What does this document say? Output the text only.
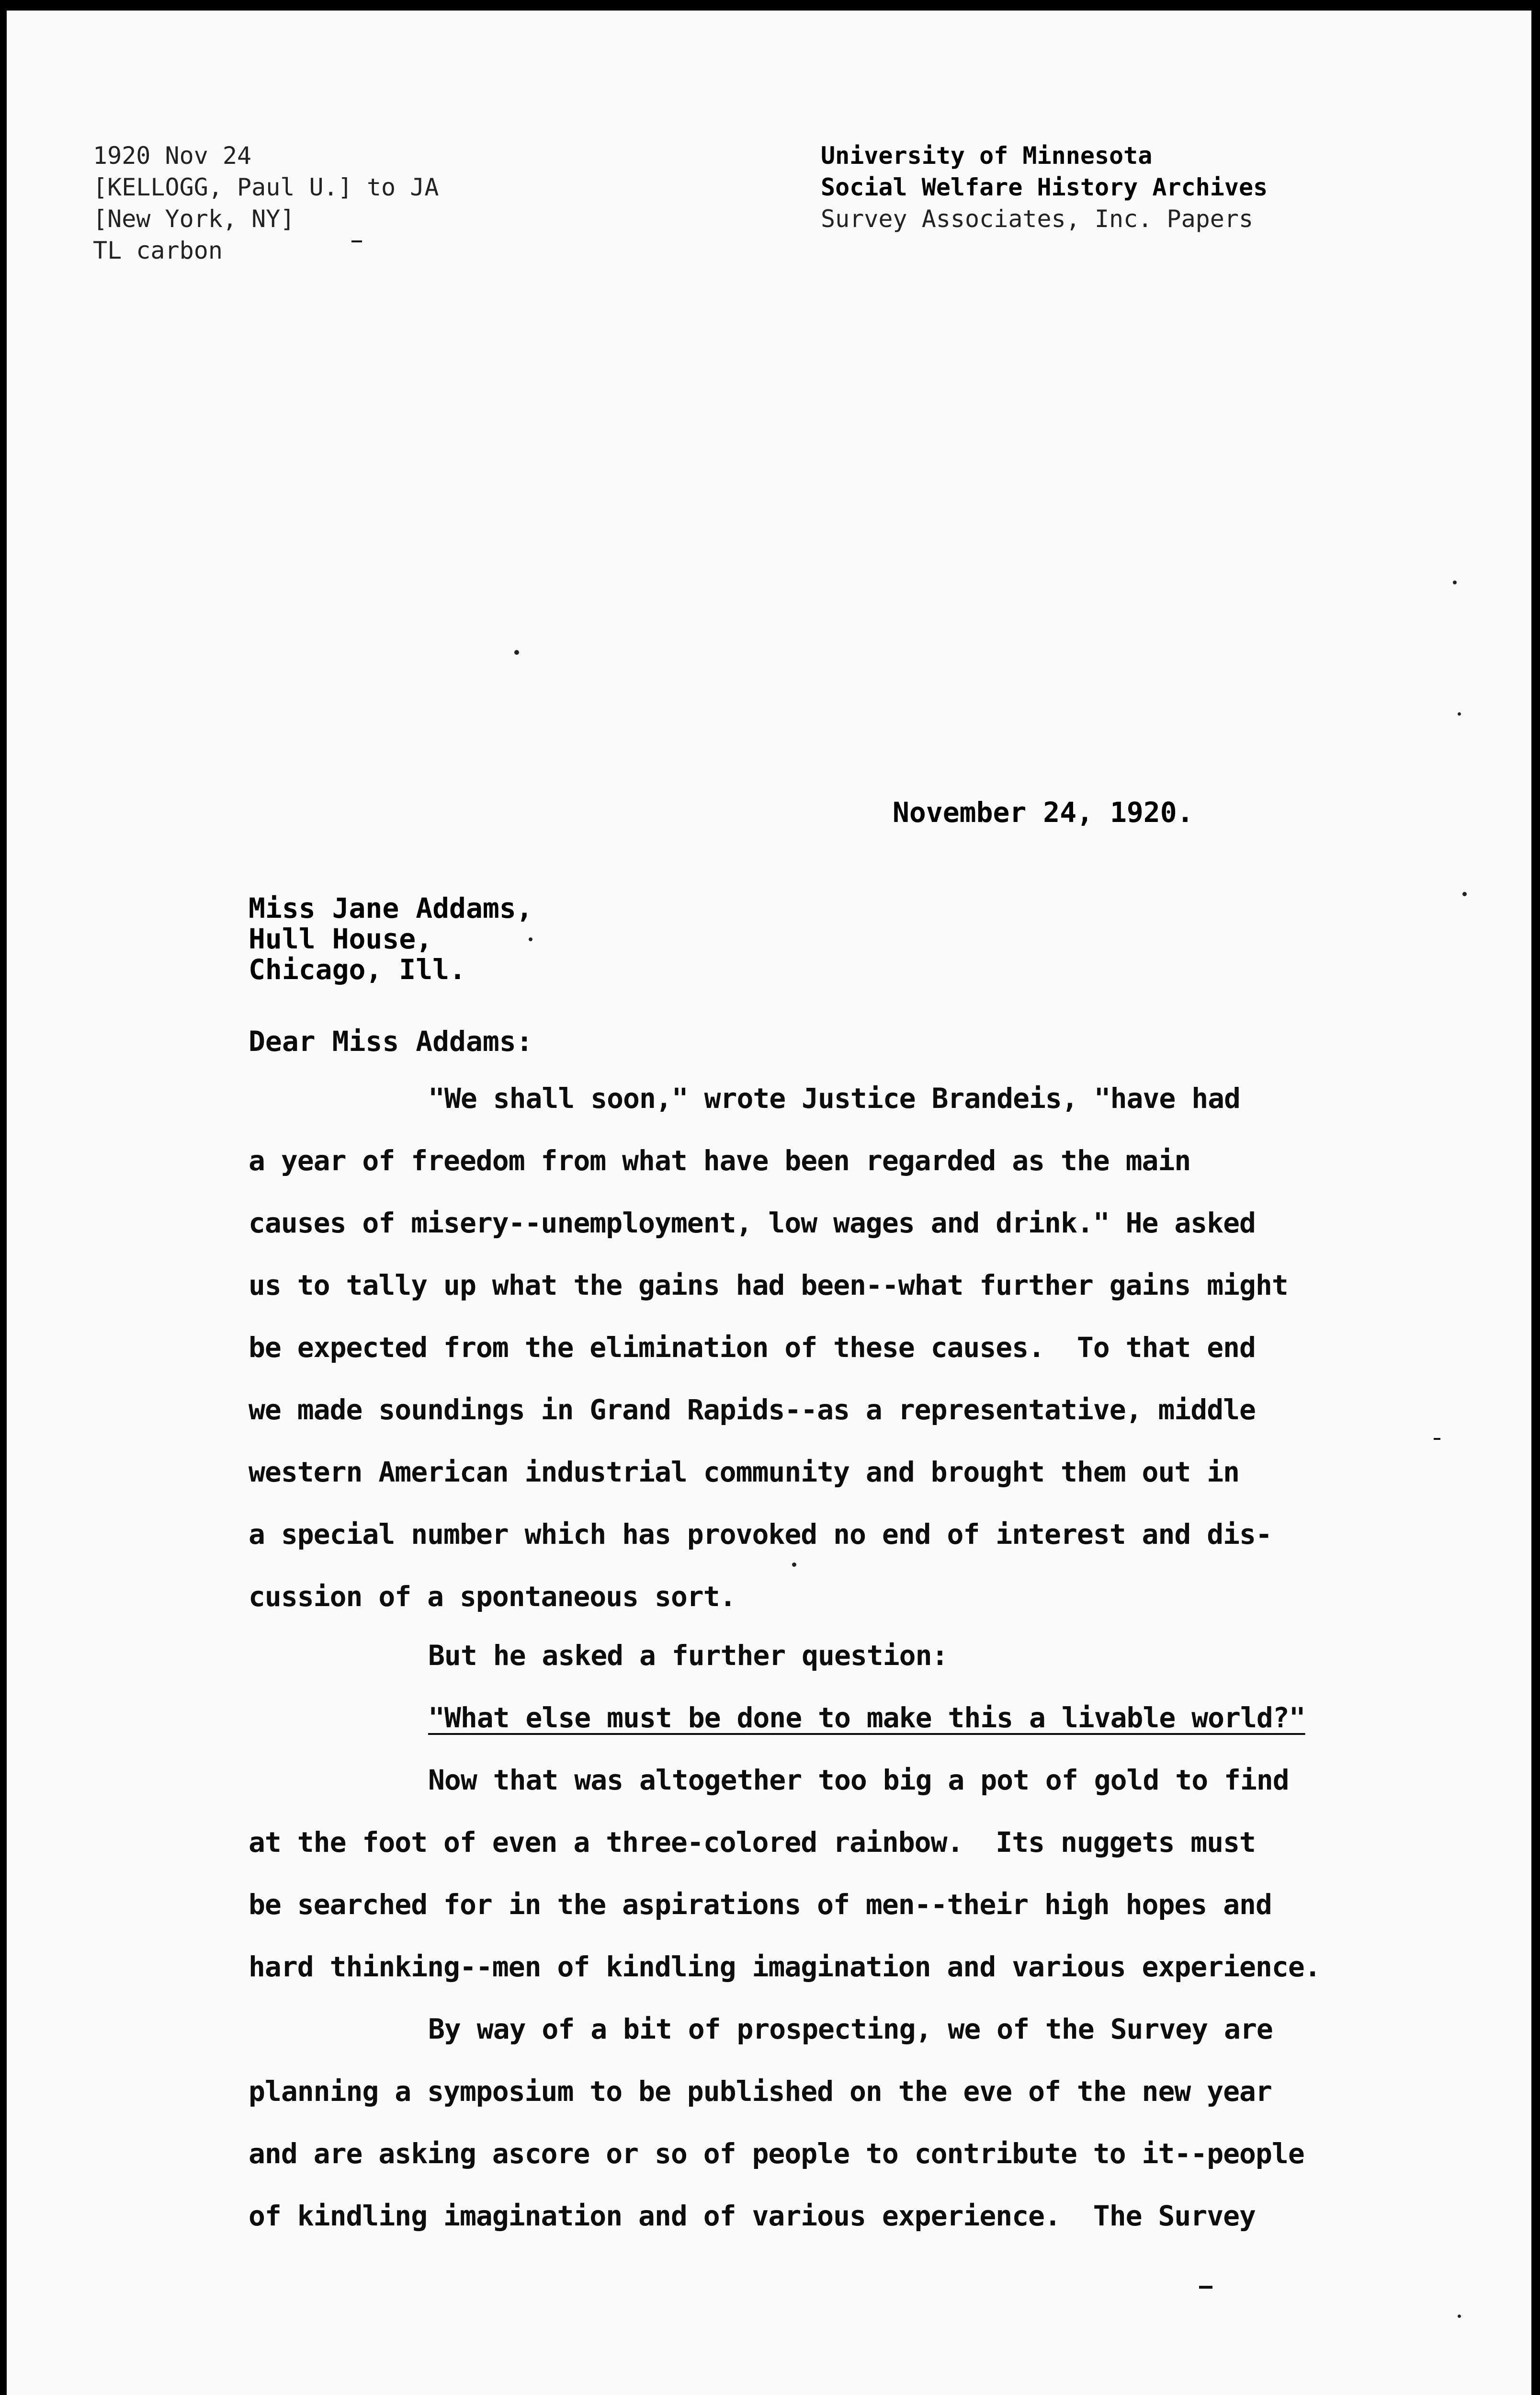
1920 Nov 24
[KELLOGG, Paul U.] to JA
[New York, NY]
TL carbon
University of Minnesota
Social Welfare History Archives
Survey Associates, Inc. Papers
November 24, 1920.
Miss Jane Addams,
Hull House,
Chicago, Ill.
Dear Miss Addams:
"We shall soon," wrote Justice Brandeis, "have had
a year of freedom from what have been regarded as the main
causes of misery--unemployment, low wages and drink." He asked
us to tally up what the gains had been--what further gains might
be expected from the elimination of these causes.  To that end
we made soundings in Grand Rapids--as a representative, middle
western American industrial community and brought them out in
a special number which has provoked no end of interest and dis-
cussion of a spontaneous sort.
But he asked a further question:
"What else must be done to make this a livable world?"
Now that was altogether too big a pot of gold to find
at the foot of even a three-colored rainbow.  Its nuggets must
be searched for in the aspirations of men--their high hopes and
hard thinking--men of kindling imagination and various experience.
By way of a bit of prospecting, we of the Survey are
planning a symposium to be published on the eve of the new year
and are asking ascore or so of people to contribute to it--people
of kindling imagination and of various experience.  The Survey
